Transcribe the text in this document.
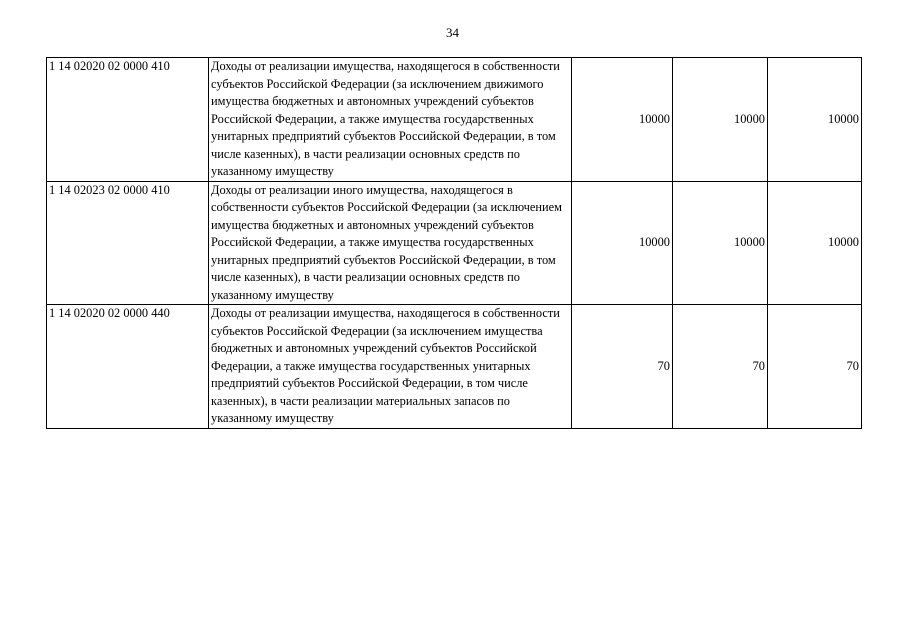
34
1 14 02020 02 0000 410	Доходы от реализации имущества, находящегося в собственности субъектов Российской Федерации (за исключением движимого имущества бюджетных и автономных учреждений субъектов Российской Федерации, а также имущества государственных унитарных предприятий субъектов Российской Федерации, в том числе казенных), в части реализации основных средств по указанному имуществу	10000	10000	10000
1 14 02023 02 0000 410	Доходы от реализации иного имущества, находящегося в собственности субъектов Российской Федерации (за исключением имущества бюджетных и автономных учреждений субъектов Российской Федерации, а также имущества государственных унитарных предприятий субъектов Российской Федерации, в том числе казенных), в части реализации основных средств по указанному имуществу	10000	10000	10000
1 14 02020 02 0000 440	Доходы от реализации имущества, находящегося в собственности субъектов Российской Федерации (за исключением имущества бюджетных и автономных учреждений субъектов Российской Федерации, а также имущества государственных унитарных предприятий субъектов Российской Федерации, в том числе казенных), в части реализации материальных запасов по указанному имуществу	70	70	70
